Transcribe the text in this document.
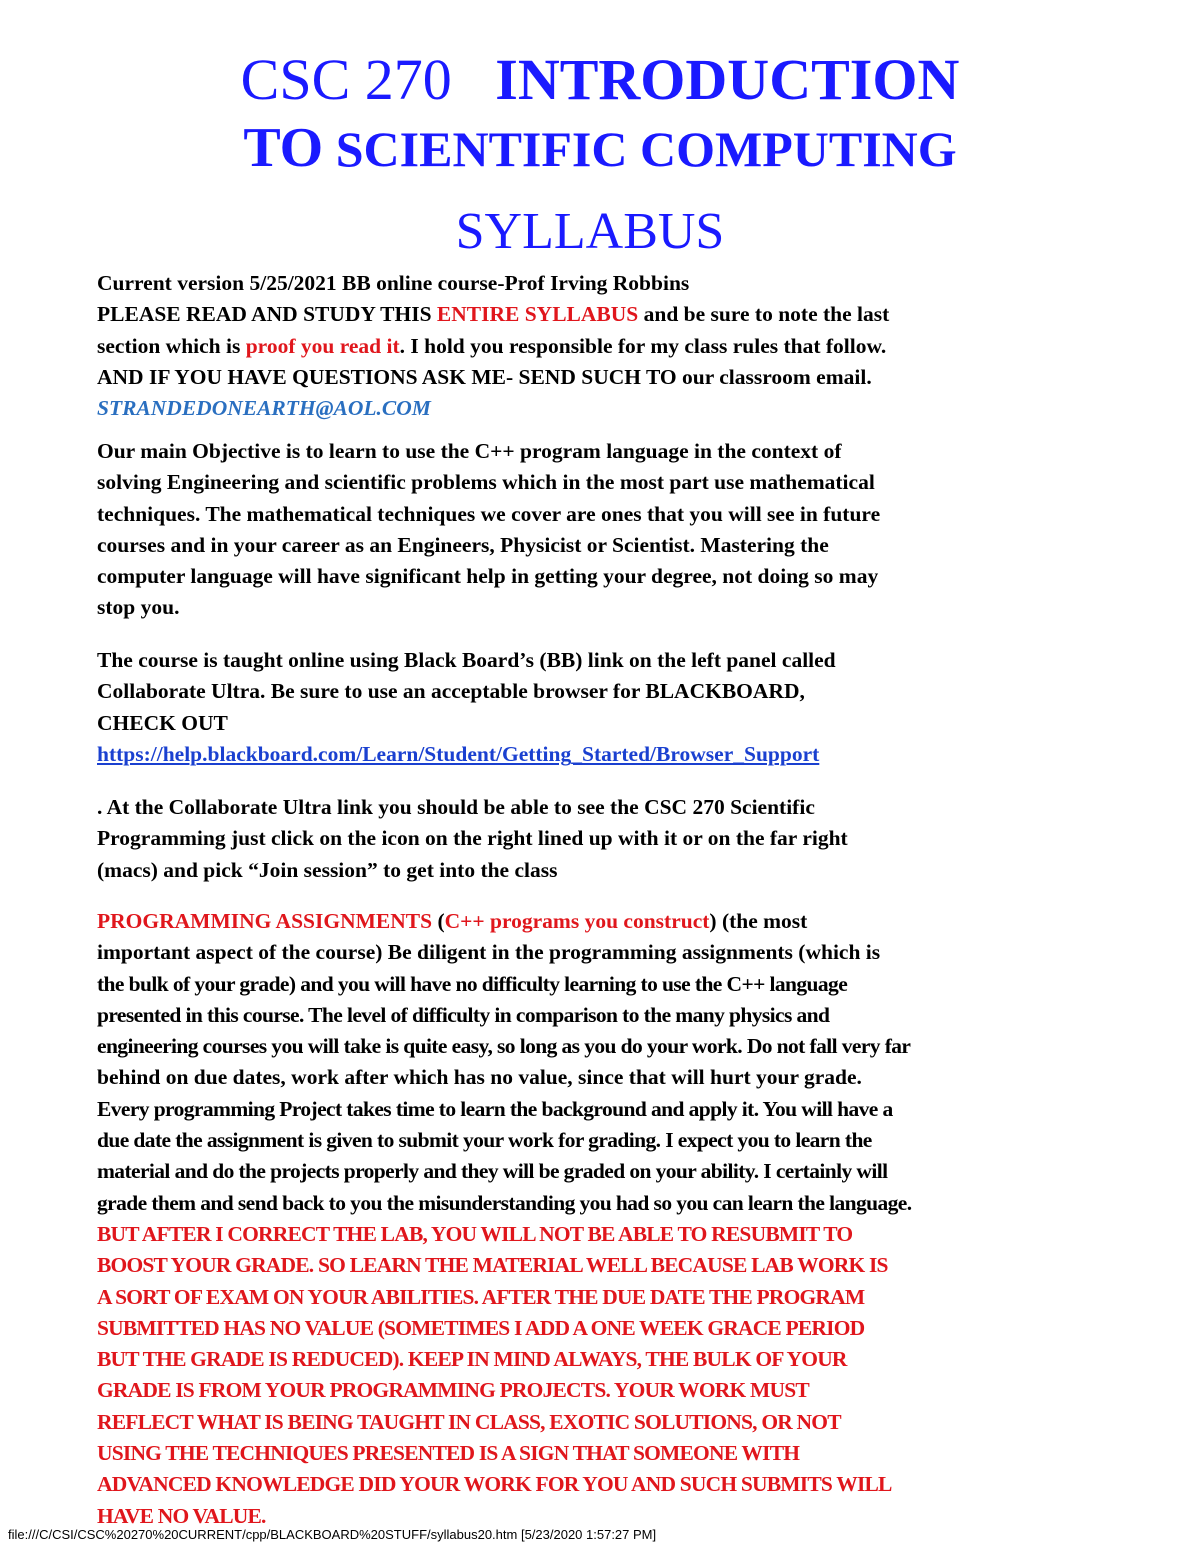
CSC 270 INTRODUCTION
TO SCIENTIFIC COMPUTING
SYLLABUS
Current version 5/25/2021 BB online course-Prof Irving Robbins
PLEASE READ AND STUDY THIS ENTIRE SYLLABUS and be sure to note the last
section which is proof you read it. I hold you responsible for my class rules that follow.
AND IF YOU HAVE QUESTIONS ASK ME- SEND SUCH TO our classroom email.
STRANDEDONEARTH@AOL.COM
Our main Objective is to learn to use the C++ program language in the context of
solving Engineering and scientific problems which in the most part use mathematical
techniques. The mathematical techniques we cover are ones that you will see in future
courses and in your career as an Engineers, Physicist or Scientist. Mastering the
computer language will have significant help in getting your degree, not doing so may
stop you.
The course is taught online using Black Board’s (BB) link on the left panel called
Collaborate Ultra. Be sure to use an acceptable browser for BLACKBOARD,
CHECK OUT
https://help.blackboard.com/Learn/Student/Getting_Started/Browser_Support
. At the Collaborate Ultra link you should be able to see the CSC 270 Scientific
Programming just click on the icon on the right lined up with it or on the far right
(macs) and pick “Join session” to get into the class
PROGRAMMING ASSIGNMENTS (C++ programs you construct) (the most
important aspect of the course) Be diligent in the programming assignments (which is
the bulk of your grade) and you will have no difficulty learning to use the C++ language
presented in this course. The level of difficulty in comparison to the many physics and
engineering courses you will take is quite easy, so long as you do your work. Do not fall very far
behind on due dates, work after which has no value, since that will hurt your grade.
Every programming Project takes time to learn the background and apply it. You will have a
due date the assignment is given to submit your work for grading. I expect you to learn the
material and do the projects properly and they will be graded on your ability. I certainly will
grade them and send back to you the misunderstanding you had so you can learn the language.
BUT AFTER I CORRECT THE LAB, YOU WILL NOT BE ABLE TO RESUBMIT TO
BOOST YOUR GRADE. SO LEARN THE MATERIAL WELL BECAUSE LAB WORK IS
A SORT OF EXAM ON YOUR ABILITIES. AFTER THE DUE DATE THE PROGRAM
SUBMITTED HAS NO VALUE (SOMETIMES I ADD A ONE WEEK GRACE PERIOD
BUT THE GRADE IS REDUCED). KEEP IN MIND ALWAYS, THE BULK OF YOUR
GRADE IS FROM YOUR PROGRAMMING PROJECTS. YOUR WORK MUST
REFLECT WHAT IS BEING TAUGHT IN CLASS, EXOTIC SOLUTIONS, OR NOT
USING THE TECHNIQUES PRESENTED IS A SIGN THAT SOMEONE WITH
ADVANCED KNOWLEDGE DID YOUR WORK FOR YOU AND SUCH SUBMITS WILL
HAVE NO VALUE.
file:///C/CSI/CSC%20270%20CURRENT/cpp/BLACKBOARD%20STUFF/syllabus20.htm [5/23/2020 1:57:27 PM]
